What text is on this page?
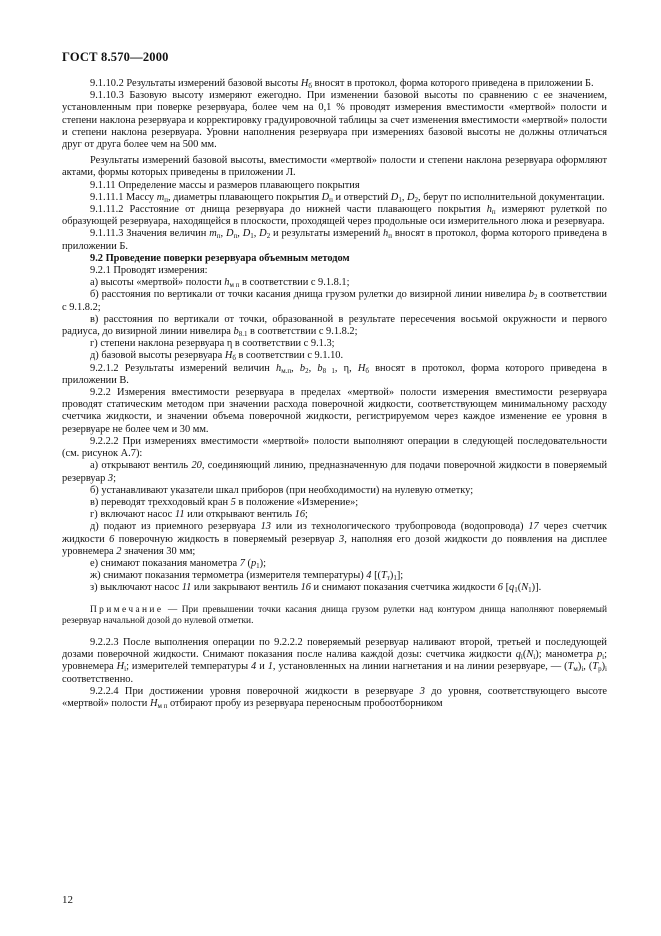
ГОСТ 8.570—2000

9.1.10.2 Результаты измерений базовой высоты $H_б$ вносят в протокол, форма которого приведена в приложении Б.

9.1.10.3 Базовую высоту измеряют ежегодно. При изменении базовой высоты по сравнению с ее значением, установленным при поверке резервуара, более чем на 0,1 % проводят измерения вместимости «мертвой» полости и степени наклона резервуара и корректировку градуировочной таблицы за счет изменения вместимости «мертвой» полости и степени наклона резервуара. Уровни наполнения резервуара при измерениях базовой высоты не должны отличаться друг от друга более чем на 500 мм.

Результаты измерений базовой высоты, вместимости «мертвой» полости и степени наклона резервуара оформляют актами, формы которых приведены в приложении Л.

9.1.11 Определение массы и размеров плавающего покрытия

9.1.11.1 Массу $m_п$, диаметры плавающего покрытия $D_п$ и отверстий $D_1$, $D_2$, берут по исполнительной документации.

9.1.11.2 Расстояние от днища резервуара до нижней части плавающего покрытия $h_п$ измеряют рулеткой по образующей резервуара, находящейся в плоскости, проходящей через продольные оси измерительного люка и резервуара.

9.1.11.3 Значения величин $m_п$, $D_п$, $D_1$, $D_2$ и результаты измерений $h_п$ вносят в протокол, форма которого приведена в приложении Б.

9.2 Проведение поверки резервуара объемным методом

9.2.1 Проводят измерения:

а) высоты «мертвой» полости $h_{м п}$ в соответствии с 9.1.8.1;

б) расстояния по вертикали от точки касания днища грузом рулетки до визирной линии нивелира $b_2$ в соответствии с 9.1.8.2;

в) расстояния по вертикали от точки, образованной в результате пересечения восьмой окружности и первого радиуса, до визирной линии нивелира $b_{8.1}$ в соответствии с 9.1.8.2;

г) степени наклона резервуара η в соответствии с 9.1.3;

д) базовой высоты резервуара $H_б$ в соответствии с 9.1.10.

9.2.1.2 Результаты измерений величин $h_{м.п}$, $b_2$, $b_{8 1}$, η, $H_б$ вносят в протокол, форма которого приведена в приложении В.

9.2.2 Измерения вместимости резервуара в пределах «мертвой» полости измерения вместимости резервуара проводят статическим методом при значении расхода поверочной жидкости, соответствующем минимальному расходу счетчика жидкости, и значении объема поверочной жидкости, регистрируемом через каждое изменение ее уровня в резервуаре не более чем и 30 мм.

9.2.2.2 При измерениях вместимости «мертвой» полости выполняют операции в следующей последовательности (см. рисунок А.7):

а) открывают вентиль 20, соединяющий линию, предназначенную для подачи поверочной жидкости в поверяемый резервуар 3;

б) устанавливают указатели шкал приборов (при необходимости) на нулевую отметку;

в) переводят трехходовый кран 5 в положение «Измерение»;

г) включают насос 11 или открывают вентиль 16;

д) подают из приемного резервуара 13 или из технологического трубопровода (водопровода) 17 через счетчик жидкости 6 поверочную жидкость в поверяемый резервуар 3, наполняя его дозой жидкости до появления на дисплее уровнемера 2 значения 30 мм;

е) снимают показания манометра 7 $(p_1)$;

ж) снимают показания термометра (измерителя температуры) 4 $[(T_т)_1]$;

з) выключают насос 11 или закрывают вентиль 16 и снимают показания счетчика жидкости 6 $[q_1(N_1)]$.

Примечание — При превышении точки касания днища грузом рулетки над контуром днища наполняют поверяемый резервуар начальной дозой до нулевой отметки.

9.2.2.3 После выполнения операции по 9.2.2.2 поверяемый резервуар наливают второй, третьей и последующей дозами поверочной жидкости. Снимают показания после налива каждой дозы: счетчика жидкости $q_i(N_i)$; манометра $p_i$; уровнемера $H_i$; измерителей температуры 4 и 1, установленных на линии нагнетания и на линии резервуаре, — $(T_м)_i$, $(T_р)_i$ соответственно.

9.2.2.4 При достижении уровня поверочной жидкости в резервуаре 3 до уровня, соответствующего высоте «мертвой» полости $H_{м п}$ отбирают пробу из резервуара переносным пробоотборником

12
